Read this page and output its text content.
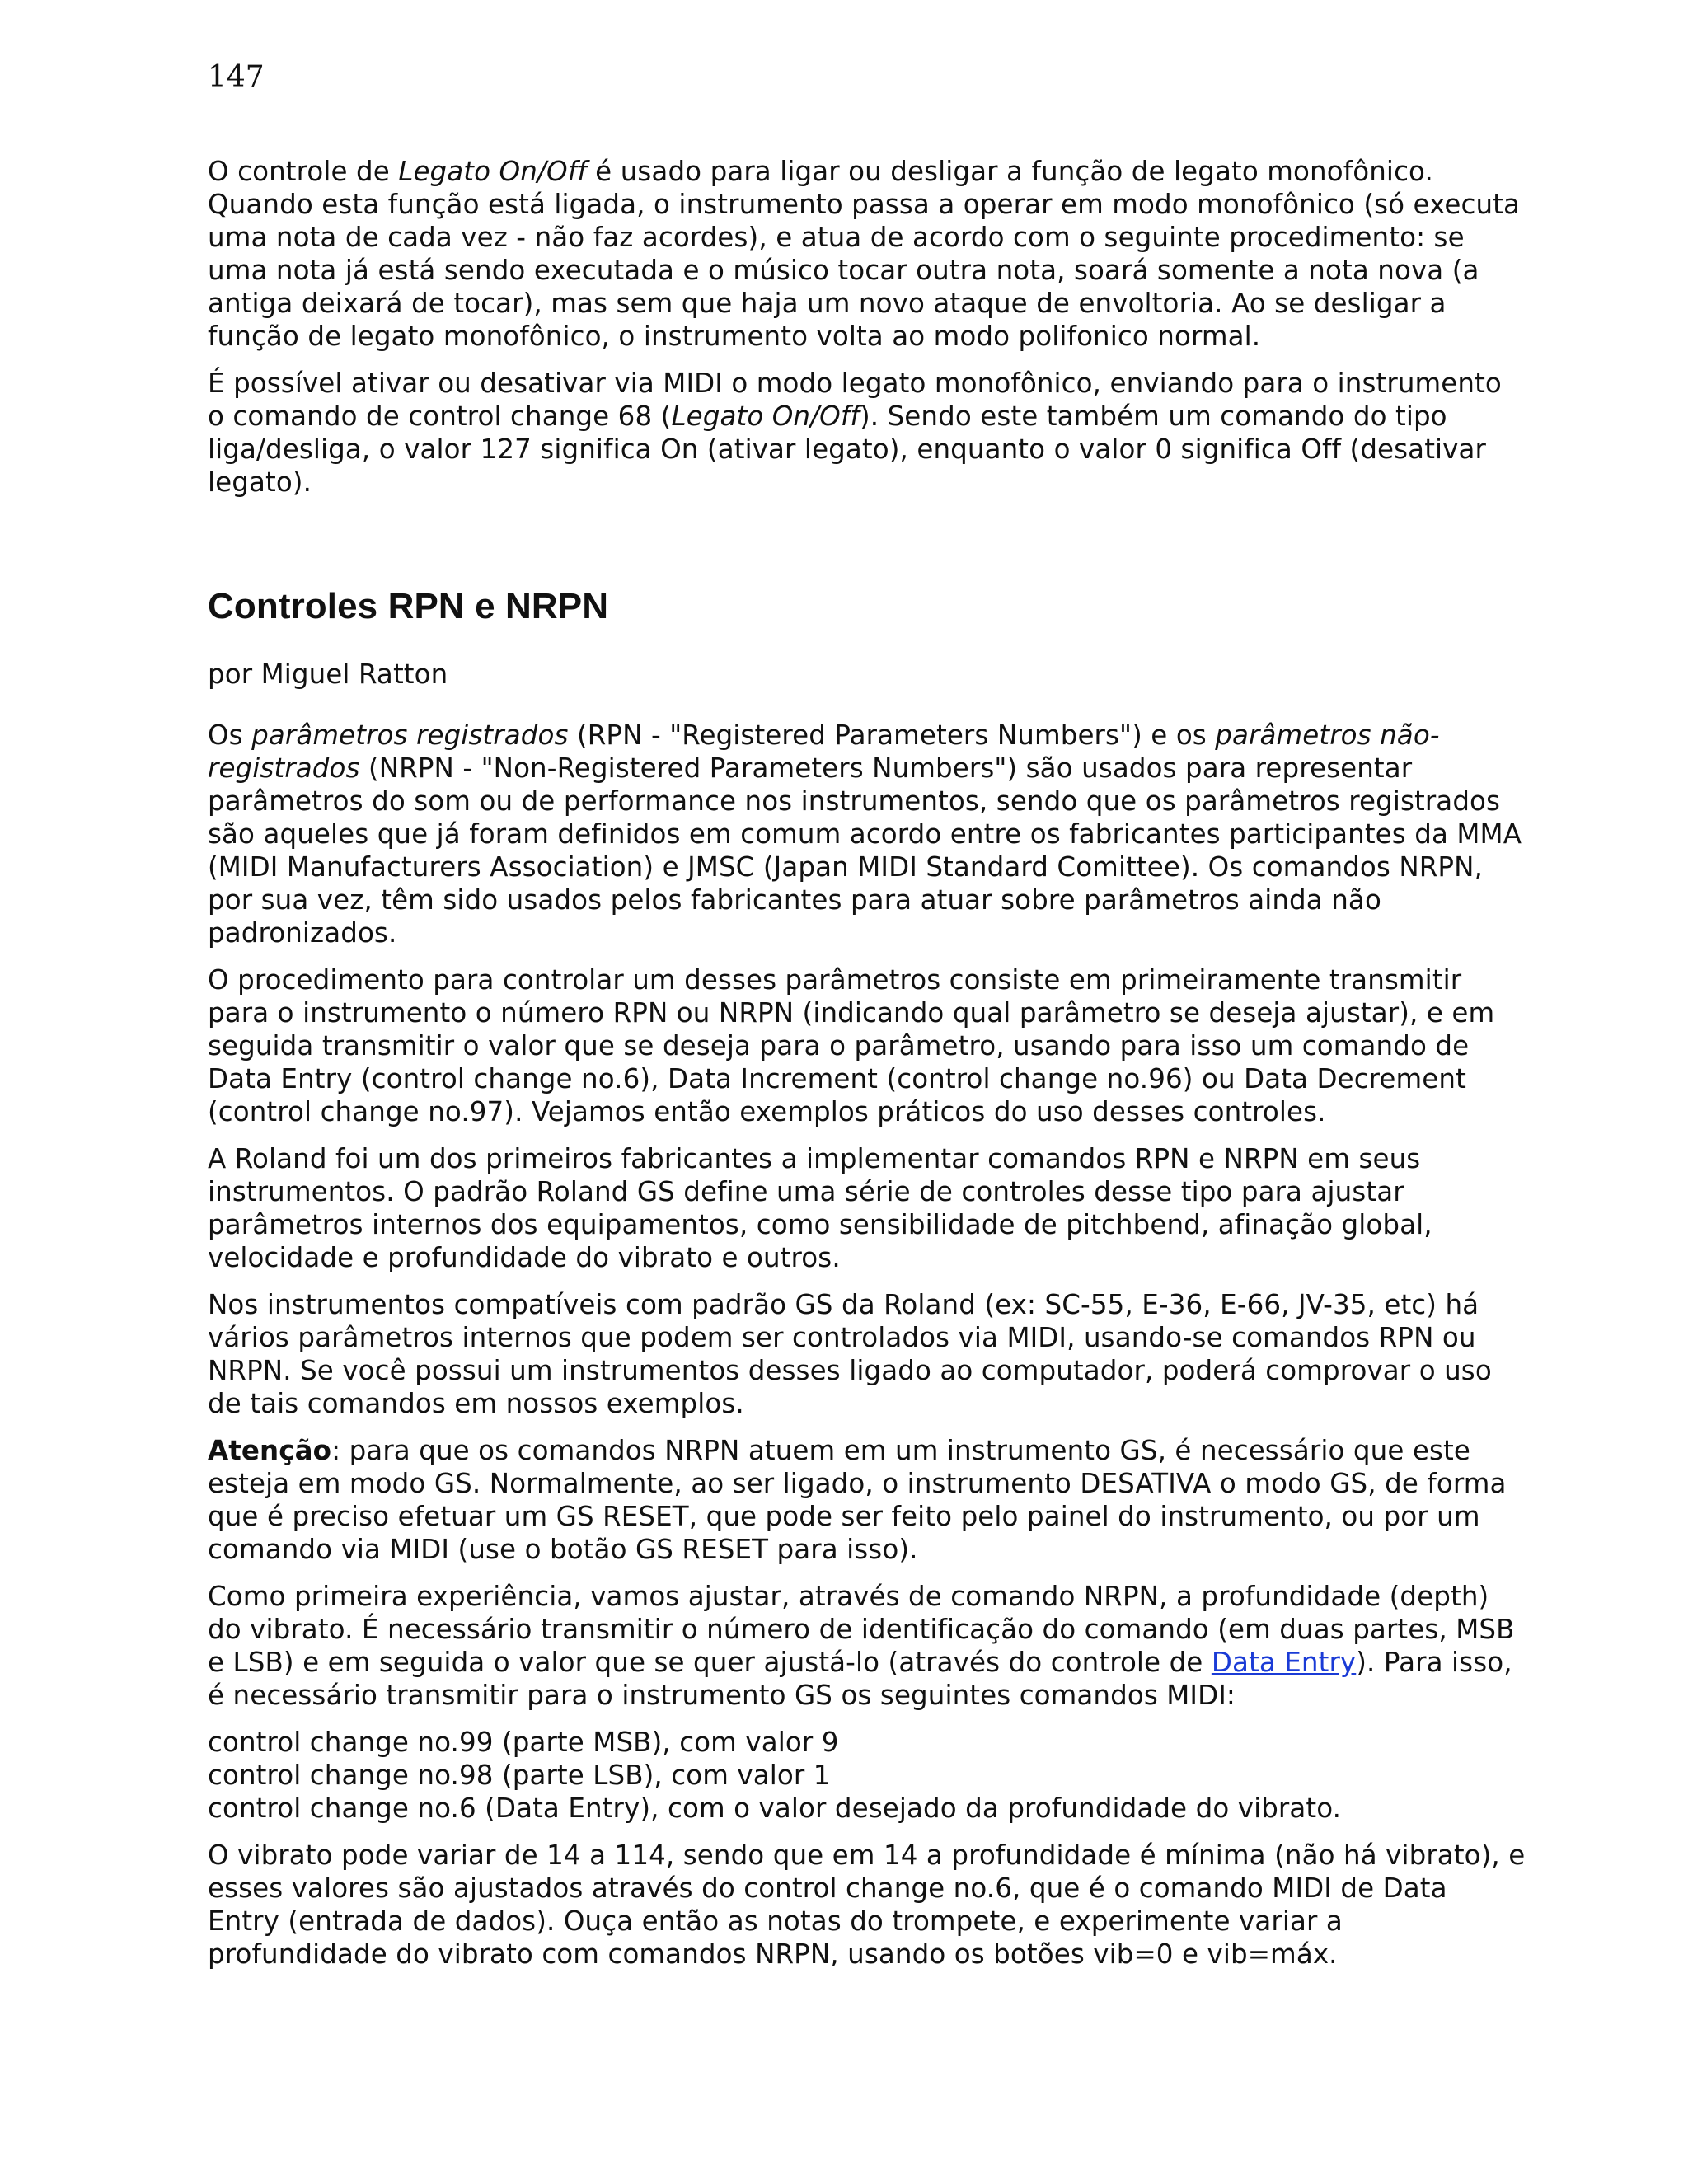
147

O controle de Legato On/Off é usado para ligar ou desligar a função de legato monofônico. Quando esta função está ligada, o instrumento passa a operar em modo monofônico (só executa uma nota de cada vez - não faz acordes), e atua de acordo com o seguinte procedimento: se uma nota já está sendo executada e o músico tocar outra nota, soará somente a nota nova (a antiga deixará de tocar), mas sem que haja um novo ataque de envoltoria. Ao se desligar a função de legato monofônico, o instrumento volta ao modo polifonico normal.

É possível ativar ou desativar via MIDI o modo legato monofônico, enviando para o instrumento o comando de control change 68 (Legato On/Off). Sendo este também um comando do tipo liga/desliga, o valor 127 significa On (ativar legato), enquanto o valor 0 significa Off (desativar legato).

Controles RPN e NRPN

por Miguel Ratton

Os parâmetros registrados (RPN - "Registered Parameters Numbers") e os parâmetros não-registrados (NRPN - "Non-Registered Parameters Numbers") são usados para representar parâmetros do som ou de performance nos instrumentos, sendo que os parâmetros registrados são aqueles que já foram definidos em comum acordo entre os fabricantes participantes da MMA (MIDI Manufacturers Association) e JMSC (Japan MIDI Standard Comittee). Os comandos NRPN, por sua vez, têm sido usados pelos fabricantes para atuar sobre parâmetros ainda não padronizados.

O procedimento para controlar um desses parâmetros consiste em primeiramente transmitir para o instrumento o número RPN ou NRPN (indicando qual parâmetro se deseja ajustar), e em seguida transmitir o valor que se deseja para o parâmetro, usando para isso um comando de Data Entry (control change no.6), Data Increment (control change no.96) ou Data Decrement (control change no.97). Vejamos então exemplos práticos do uso desses controles.

A Roland foi um dos primeiros fabricantes a implementar comandos RPN e NRPN em seus instrumentos. O padrão Roland GS define uma série de controles desse tipo para ajustar parâmetros internos dos equipamentos, como sensibilidade de pitchbend, afinação global, velocidade e profundidade do vibrato e outros.

Nos instrumentos compatíveis com padrão GS da Roland (ex: SC-55, E-36, E-66, JV-35, etc) há vários parâmetros internos que podem ser controlados via MIDI, usando-se comandos RPN ou NRPN. Se você possui um instrumentos desses ligado ao computador, poderá comprovar o uso de tais comandos em nossos exemplos.

Atenção: para que os comandos NRPN atuem em um instrumento GS, é necessário que este esteja em modo GS. Normalmente, ao ser ligado, o instrumento DESATIVA o modo GS, de forma que é preciso efetuar um GS RESET, que pode ser feito pelo painel do instrumento, ou por um comando via MIDI (use o botão GS RESET para isso).

Como primeira experiência, vamos ajustar, através de comando NRPN, a profundidade (depth) do vibrato. É necessário transmitir o número de identificação do comando (em duas partes, MSB e LSB) e em seguida o valor que se quer ajustá-lo (através do controle de Data Entry). Para isso, é necessário transmitir para o instrumento GS os seguintes comandos MIDI:

control change no.99 (parte MSB), com valor 9
control change no.98 (parte LSB), com valor 1
control change no.6 (Data Entry), com o valor desejado da profundidade do vibrato.

O vibrato pode variar de 14 a 114, sendo que em 14 a profundidade é mínima (não há vibrato), e esses valores são ajustados através do control change no.6, que é o comando MIDI de Data Entry (entrada de dados). Ouça então as notas do trompete, e experimente variar a profundidade do vibrato com comandos NRPN, usando os botões vib=0 e vib=máx.
